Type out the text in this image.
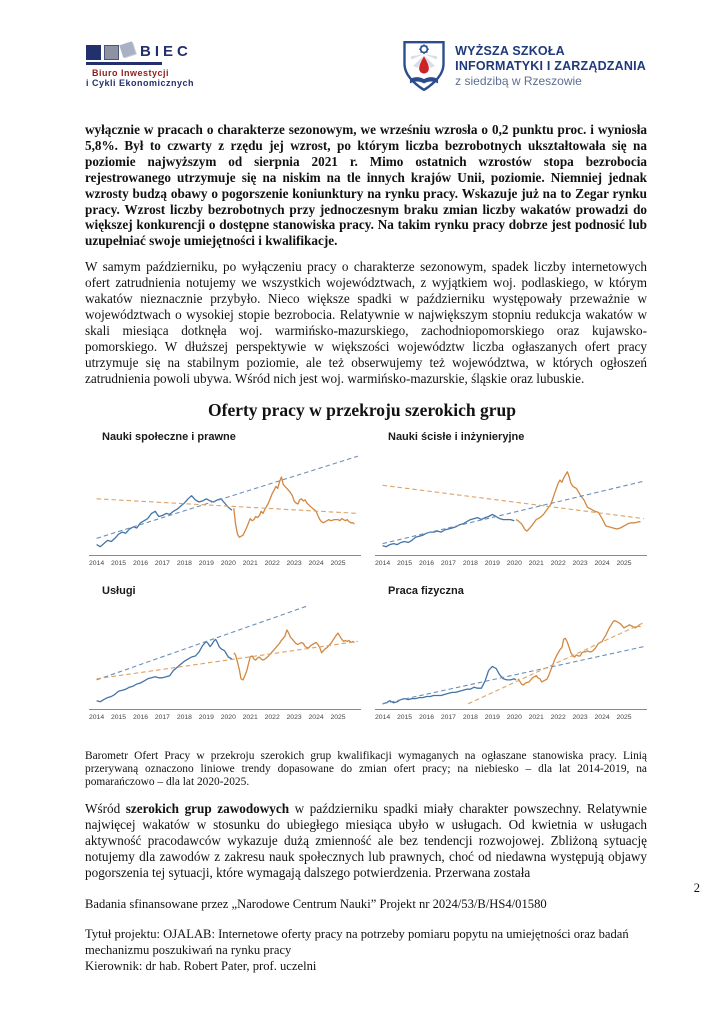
BIEC
Biuro Inwestycji
i Cykli Ekonomicznych
WYŻSZA SZKOŁA
INFORMATYKI I ZARZĄDZANIA
z siedzibą w Rzeszowie

wyłącznie w pracach o charakterze sezonowym, we wrześniu wzrosła o 0,2 punktu proc. i wyniosła 5,8%. Był to czwarty z rzędu jej wzrost, po którym liczba bezrobotnych ukształtowała się na poziomie najwyższym od sierpnia 2021 r. Mimo ostatnich wzrostów stopa bezrobocia rejestrowanego utrzymuje się na niskim na tle innych krajów Unii, poziomie. Niemniej jednak wzrosty budzą obawy o pogorszenie koniunktury na rynku pracy. Wskazuje już na to Zegar rynku pracy. Wzrost liczby bezrobotnych przy jednoczesnym braku zmian liczby wakatów prowadzi do większej konkurencji o dostępne stanowiska pracy. Na takim rynku pracy dobrze jest podnosić lub uzupełniać swoje umiejętności i kwalifikacje.

W samym październiku, po wyłączeniu pracy o charakterze sezonowym, spadek liczby internetowych ofert zatrudnienia notujemy we wszystkich województwach, z wyjątkiem woj. podlaskiego, w którym wakatów nieznacznie przybyło. Nieco większe spadki w październiku występowały przeważnie w województwach o wysokiej stopie bezrobocia. Relatywnie w największym stopniu redukcja wakatów w skali miesiąca dotknęła woj. warmińsko-mazurskiego, zachodniopomorskiego oraz kujawsko-pomorskiego. W dłuższej perspektywie w większości województw liczba ogłaszanych ofert pracy utrzymuje się na stabilnym poziomie, ale też obserwujemy też województwa, w których ogłoszeń zatrudnienia powoli ubywa. Wśród nich jest woj. warmińsko-mazurskie, śląskie oraz lubuskie.

Oferty pracy w przekroju szerokich grup
Nauki społeczne i prawne
2014 2015 2016 2017 2018 2019 2020 2021 2022 2023 2024 2025
Nauki ścisłe i inżynieryjne
2014 2015 2016 2017 2018 2019 2020 2021 2022 2023 2024 2025
Usługi
2014 2015 2016 2017 2018 2019 2020 2021 2022 2023 2024 2025
Praca fizyczna
2014 2015 2016 2017 2018 2019 2020 2021 2022 2023 2024 2025

Barometr Ofert Pracy w przekroju szerokich grup kwalifikacji wymaganych na ogłaszane stanowiska pracy. Linią przerywaną oznaczono liniowe trendy dopasowane do zmian ofert pracy; na niebiesko – dla lat 2014-2019, na pomarańczowo – dla lat 2020-2025.

Wśród szerokich grup zawodowych w październiku spadki miały charakter powszechny. Relatywnie najwięcej wakatów w stosunku do ubiegłego miesiąca ubyło w usługach. Od kwietnia w usługach aktywność pracodawców wykazuje dużą zmienność ale bez tendencji rozwojowej. Zbliżoną sytuację notujemy dla zawodów z zakresu nauk społecznych lub prawnych, choć od niedawna występują objawy pogorszenia tej sytuacji, które wymagają dalszego potwierdzenia. Przerwana została

2

Badania sfinansowane przez „Narodowe Centrum Nauki” Projekt nr 2024/53/B/HS4/01580

Tytuł projektu: OJALAB: Internetowe oferty pracy na potrzeby pomiaru popytu na umiejętności oraz badań mechanizmu poszukiwań na rynku pracy

Kierownik: dr hab. Robert Pater, prof. uczelni
